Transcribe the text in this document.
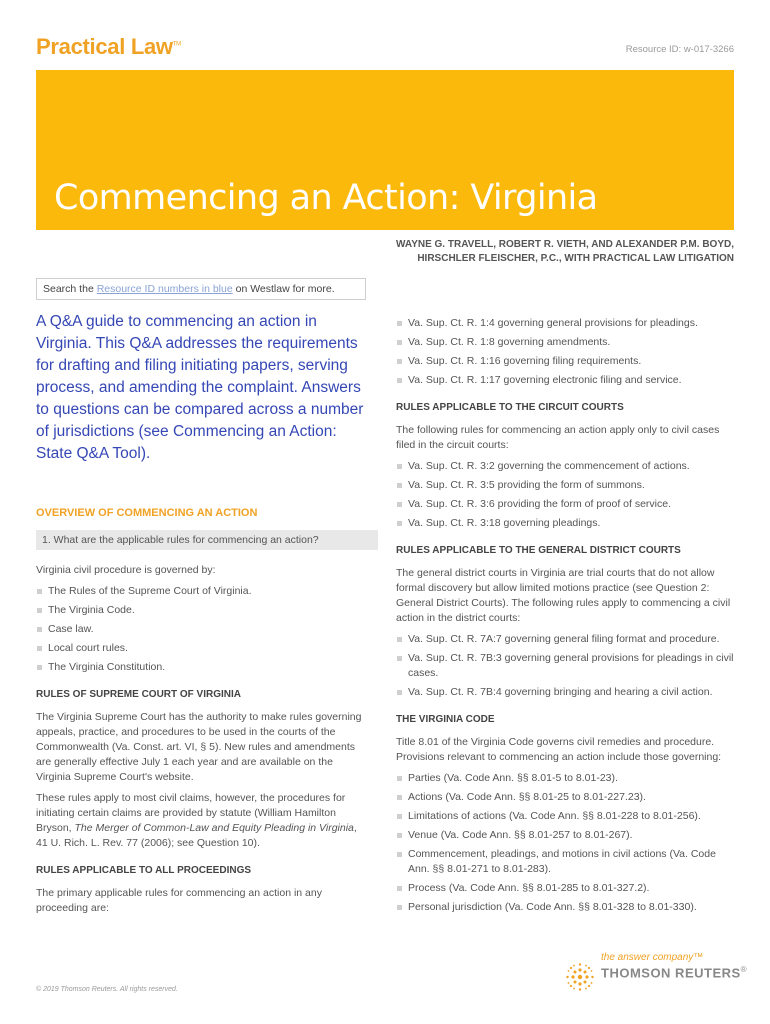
Practical Law™	Resource ID: w-017-3266
Commencing an Action: Virginia
WAYNE G. TRAVELL, ROBERT R. VIETH, AND ALEXANDER P.M. BOYD,
HIRSCHLER FLEISCHER, P.C., WITH PRACTICAL LAW LITIGATION
Search the Resource ID numbers in blue on Westlaw for more.
A Q&A guide to commencing an action in Virginia. This Q&A addresses the requirements for drafting and filing initiating papers, serving process, and amending the complaint. Answers to questions can be compared across a number of jurisdictions (see Commencing an Action: State Q&A Tool).
OVERVIEW OF COMMENCING AN ACTION
1. What are the applicable rules for commencing an action?

Virginia civil procedure is governed by:

The Rules of the Supreme Court of Virginia.
The Virginia Code.
Case law.
Local court rules.
The Virginia Constitution.
RULES OF SUPREME COURT OF VIRGINIA

The Virginia Supreme Court has the authority to make rules governing appeals, practice, and procedures to be used in the courts of the Commonwealth (Va. Const. art. VI, § 5). New rules and amendments are generally effective July 1 each year and are available on the Virginia Supreme Court's website.

These rules apply to most civil claims, however, the procedures for initiating certain claims are provided by statute (William Hamilton Bryson, The Merger of Common-Law and Equity Pleading in Virginia, 41 U. Rich. L. Rev. 77 (2006); see Question 10).

RULES APPLICABLE TO ALL PROCEEDINGS

The primary applicable rules for commencing an action in any proceeding are:

Va. Sup. Ct. R. 1:4 governing general provisions for pleadings.
Va. Sup. Ct. R. 1:8 governing amendments.
Va. Sup. Ct. R. 1:16 governing filing requirements.
Va. Sup. Ct. R. 1:17 governing electronic filing and service.
RULES APPLICABLE TO THE CIRCUIT COURTS

The following rules for commencing an action apply only to civil cases filed in the circuit courts:

Va. Sup. Ct. R. 3:2 governing the commencement of actions.
Va. Sup. Ct. R. 3:5 providing the form of summons.
Va. Sup. Ct. R. 3:6 providing the form of proof of service.
Va. Sup. Ct. R. 3:18 governing pleadings.
RULES APPLICABLE TO THE GENERAL DISTRICT COURTS

The general district courts in Virginia are trial courts that do not allow formal discovery but allow limited motions practice (see Question 2: General District Courts). The following rules apply to commencing a civil action in the district courts:

Va. Sup. Ct. R. 7A:7 governing general filing format and procedure.
Va. Sup. Ct. R. 7B:3 governing general provisions for pleadings in civil cases.
Va. Sup. Ct. R. 7B:4 governing bringing and hearing a civil action.
THE VIRGINIA CODE

Title 8.01 of the Virginia Code governs civil remedies and procedure. Provisions relevant to commencing an action include those governing:

Parties (Va. Code Ann. §§ 8.01-5 to 8.01-23).
Actions (Va. Code Ann. §§ 8.01-25 to 8.01-227.23).
Limitations of actions (Va. Code Ann. §§ 8.01-228 to 8.01-256).
Venue (Va. Code Ann. §§ 8.01-257 to 8.01-267).
Commencement, pleadings, and motions in civil actions (Va. Code Ann. §§ 8.01-271 to 8.01-283).
Process (Va. Code Ann. §§ 8.01-285 to 8.01-327.2).
Personal jurisdiction (Va. Code Ann. §§ 8.01-328 to 8.01-330).
the answer company™
THOMSON REUTERS®
© 2019 Thomson Reuters. All rights reserved.
